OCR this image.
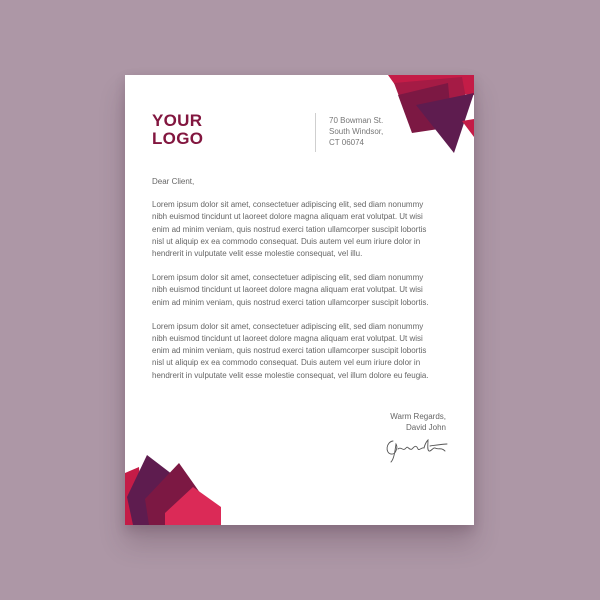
YOUR
LOGO
70 Bowman St.
South Windsor,
CT 06074

Dear Client,

Lorem ipsum dolor sit amet, consectetuer adipiscing elit, sed diam nonummy
nibh euismod tincidunt ut laoreet dolore magna aliquam erat volutpat. Ut wisi
enim ad minim veniam, quis nostrud exerci tation ullamcorper suscipit lobortis
nisl ut aliquip ex ea commodo consequat. Duis autem vel eum iriure dolor in
hendrerit in vulputate velit esse molestie consequat, vel illu.

Lorem ipsum dolor sit amet, consectetuer adipiscing elit, sed diam nonummy
nibh euismod tincidunt ut laoreet dolore magna aliquam erat volutpat. Ut wisi
enim ad minim veniam, quis nostrud exerci tation ullamcorper suscipit lobortis.

Lorem ipsum dolor sit amet, consectetuer adipiscing elit, sed diam nonummy
nibh euismod tincidunt ut laoreet dolore magna aliquam erat volutpat. Ut wisi
enim ad minim veniam, quis nostrud exerci tation ullamcorper suscipit lobortis
nisl ut aliquip ex ea commodo consequat. Duis autem vel eum iriure dolor in
hendrerit in vulputate velit esse molestie consequat, vel illum dolore eu feugia.

Warm Regards,
David John
